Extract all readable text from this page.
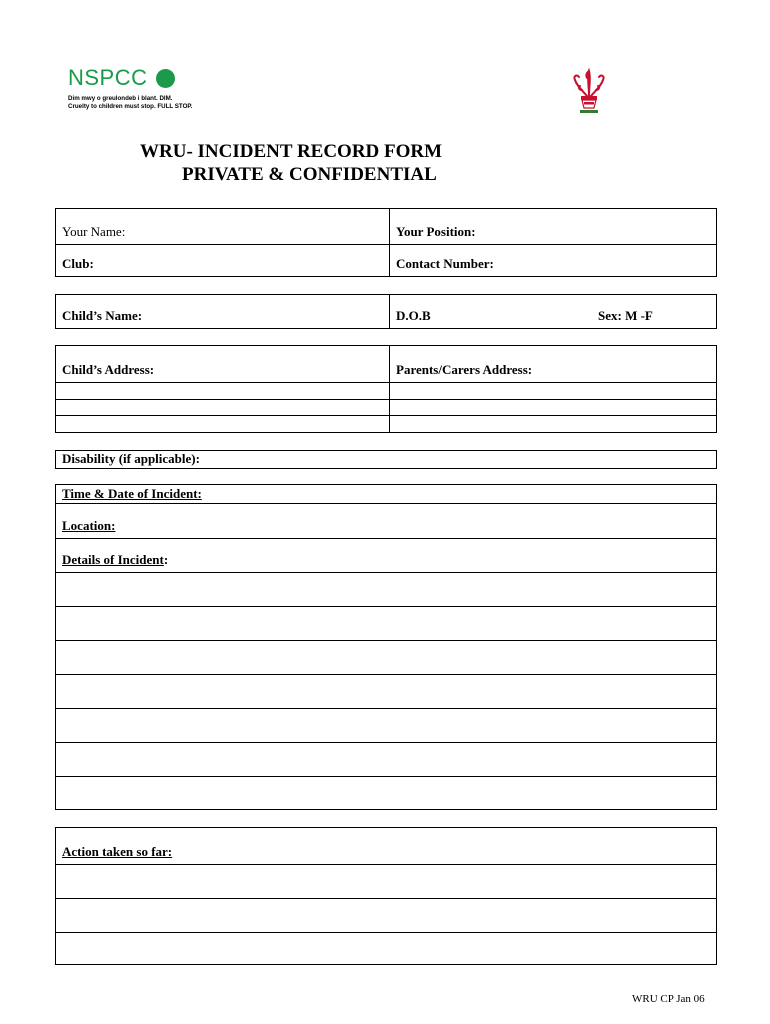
NSPCC
Dim mwy o greulondeb i blant. DIM.
Cruelty to children must stop. FULL STOP.
WRU- INCIDENT RECORD FORM
PRIVATE & CONFIDENTIAL
Your Name:	Your Position:
Club:	Contact Number:
Child’s Name:	D.O.B	Sex: M -F
Child’s Address:	Parents/Carers Address:
Disability (if applicable):
Time & Date of Incident:
Location:
Details of Incident:
Action taken so far:
WRU CP Jan 06
